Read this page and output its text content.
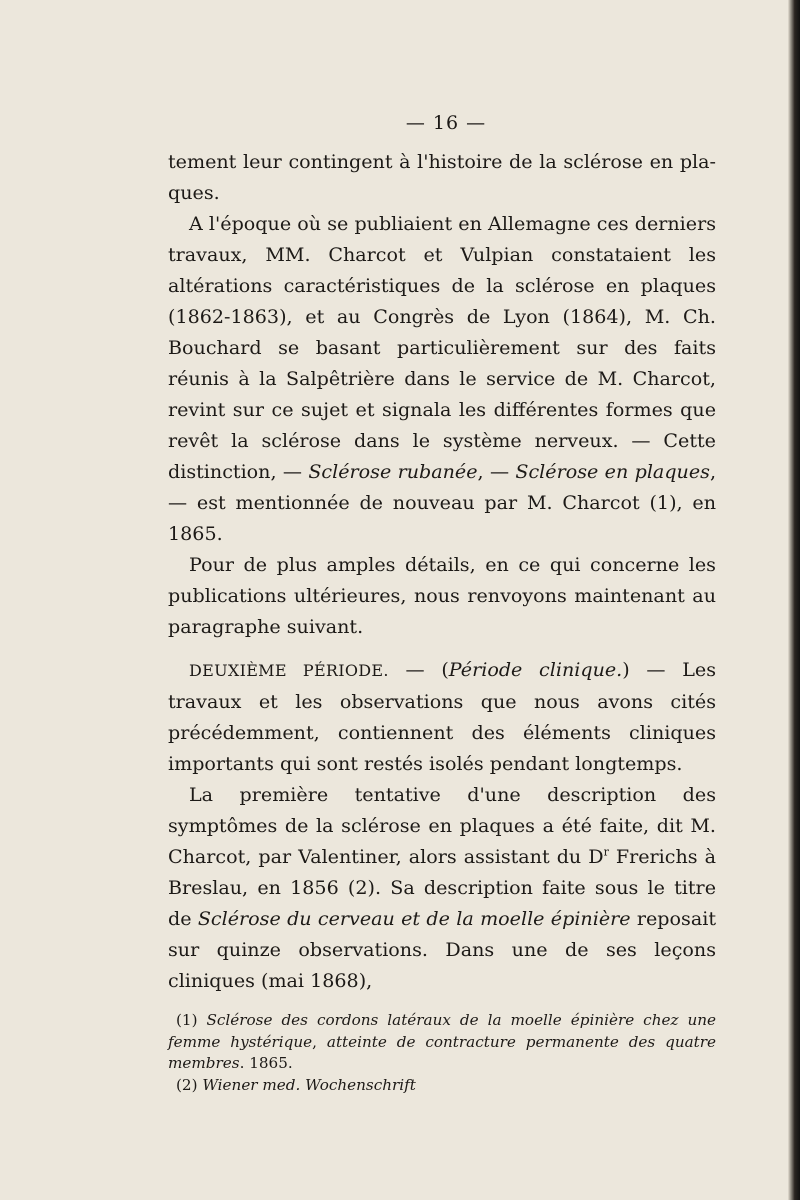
— 16 —

tement leur contingent à l'histoire de la sclérose en pla-ques.

A l'époque où se publiaient en Allemagne ces derniers travaux, MM. Charcot et Vulpian constataient les altérations caractéristiques de la sclérose en plaques (1862-1863), et au Congrès de Lyon (1864), M. Ch. Bouchard se basant particulièrement sur des faits réunis à la Salpêtrière dans le service de M. Charcot, revint sur ce sujet et signala les différentes formes que revêt la sclérose dans le système nerveux. — Cette distinction, — Sclérose rubanée, — Sclérose en plaques, — est mentionnée de nouveau par M. Charcot (1), en 1865.

Pour de plus amples détails, en ce qui concerne les publications ultérieures, nous renvoyons maintenant au paragraphe suivant.

DEUXIÈME PÉRIODE. — (Période clinique.) — Les travaux et les observations que nous avons cités précédemment, contiennent des éléments cliniques importants qui sont restés isolés pendant longtemps.

La première tentative d'une description des symptômes de la sclérose en plaques a été faite, dit M. Charcot, par Valentiner, alors assistant du $D^r$ Frerichs à Breslau, en 1856 (2). Sa description faite sous le titre de Sclérose du cerveau et de la moelle épinière reposait sur quinze observations. Dans une de ses leçons cliniques (mai 1868),

(1) Sclérose des cordons latéraux de la moelle épinière chez une femme hystérique, atteinte de contracture permanente des quatre membres. 1865.

(2) Wiener med. Wochenschrift
